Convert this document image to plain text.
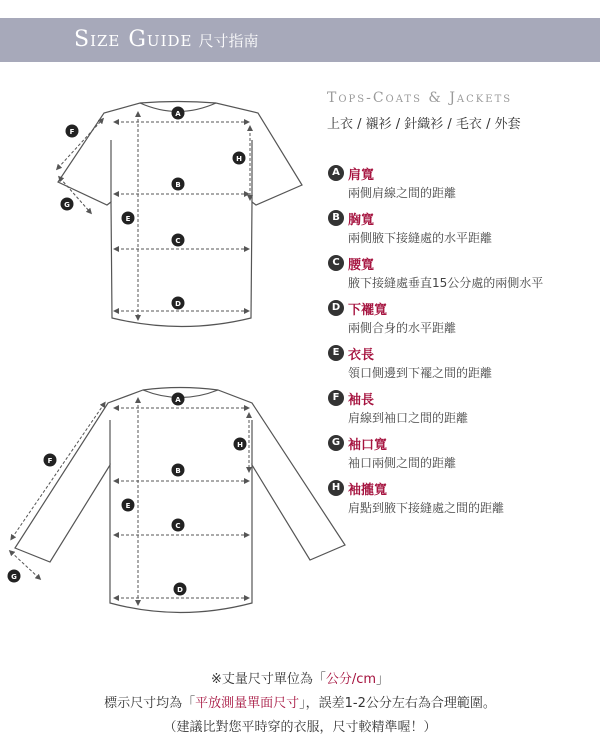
Size Guide 尺寸指南
Tops-Coats & Jackets
上衣 / 襯衫 / 針織衫 / 毛衣 / 外套
A
B
C
D
E
F
G
H
A
B
C
D
E
F
G
H
A 肩寬
兩側肩線之間的距離
B 胸寬
兩側腋下接縫處的水平距離
C 腰寬
腋下接縫處垂直15公分處的兩側水平
D 下襬寬
兩側合身的水平距離
E 衣長
領口側邊到下襬之間的距離
F 袖長
肩線到袖口之間的距離
G 袖口寬
袖口兩側之間的距離
H 袖攏寬
肩點到腋下接縫處之間的距離
※丈量尺寸單位為「公分/cm」
標示尺寸均為「平放測量單面尺寸」，誤差1-2公分左右為合理範圍。
（建議比對您平時穿的衣服，尺寸較精準喔！）
